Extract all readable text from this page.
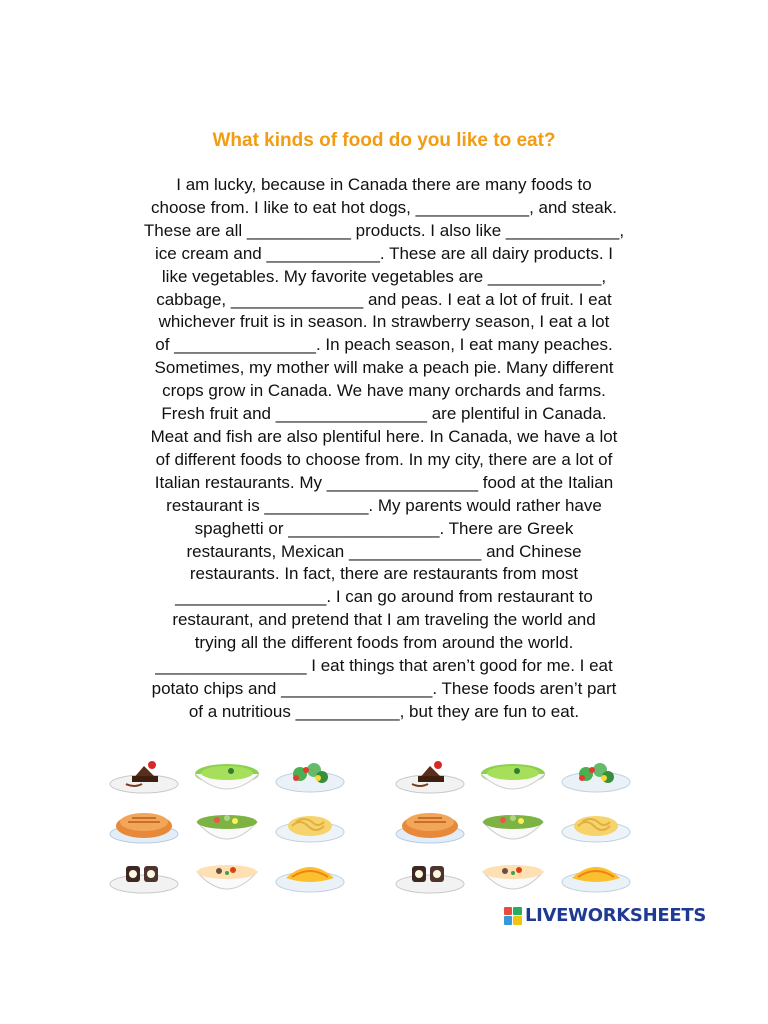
What kinds of food do you like to eat?
I am lucky, because in Canada there are many foods to
choose from. I like to eat hot dogs, ____________, and steak.
These are all ___________ products. I also like ____________,
ice cream and ____________. These are all dairy products. I
like vegetables. My favorite vegetables are ____________,
cabbage, ______________ and peas. I eat a lot of fruit. I eat
whichever fruit is in season. In strawberry season, I eat a lot
of _______________. In peach season, I eat many peaches.
Sometimes, my mother will make a peach pie. Many different
crops grow in Canada. We have many orchards and farms.
Fresh fruit and ________________ are plentiful in Canada.
Meat and fish are also plentiful here. In Canada, we have a lot
of different foods to choose from. In my city, there are a lot of
Italian restaurants. My ________________ food at the Italian
restaurant is ___________. My parents would rather have
spaghetti or ________________. There are Greek
restaurants, Mexican ______________ and Chinese
restaurants. In fact, there are restaurants from most
________________. I can go around from restaurant to
restaurant, and pretend that I am traveling the world and
trying all the different foods from around the world.
________________ I eat things that aren’t good for me. I eat
potato chips and ________________. These foods aren’t part
of a nutritious ___________, but they are fun to eat.
LIVEWORKSHEETS
